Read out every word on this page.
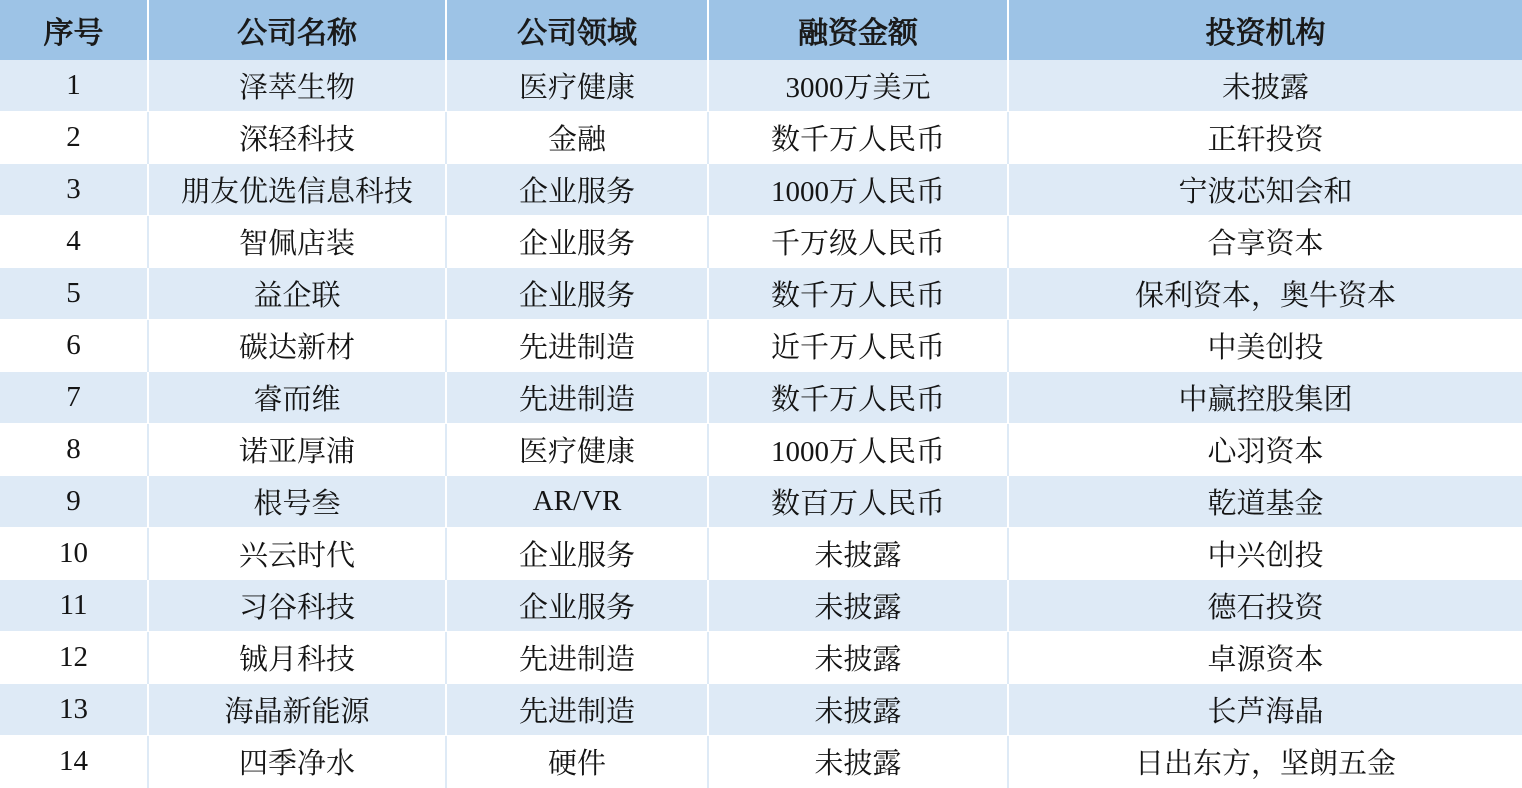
序号	公司名称	公司领域	融资金额	投资机构
1	泽萃生物	医疗健康	3000万美元	未披露
2	深轻科技	金融	数千万人民币	正轩投资
3	朋友优选信息科技	企业服务	1000万人民币	宁波芯知会和
4	智佩店装	企业服务	千万级人民币	合享资本
5	益企联	企业服务	数千万人民币	保利资本，奥牛资本
6	碳达新材	先进制造	近千万人民币	中美创投
7	睿而维	先进制造	数千万人民币	中赢控股集团
8	诺亚厚浦	医疗健康	1000万人民币	心羽资本
9	根号叁	AR/VR	数百万人民币	乾道基金
10	兴云时代	企业服务	未披露	中兴创投
11	习谷科技	企业服务	未披露	德石投资
12	铖月科技	先进制造	未披露	卓源资本
13	海晶新能源	先进制造	未披露	长芦海晶
14	四季净水	硬件	未披露	日出东方，坚朗五金
